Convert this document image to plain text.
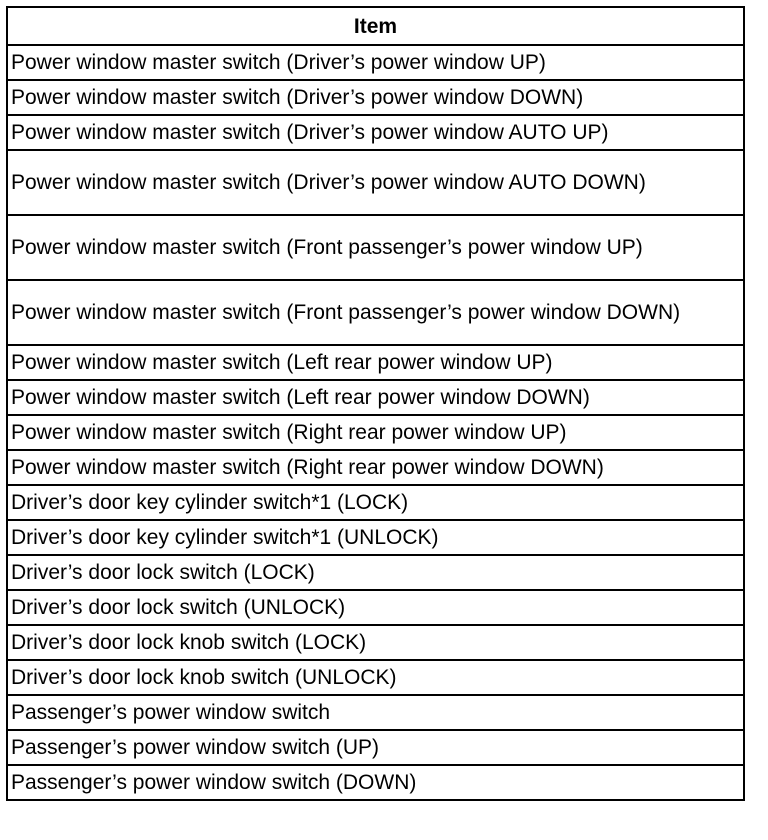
Item
Power window master switch (Driver’s power window UP)
Power window master switch (Driver’s power window DOWN)
Power window master switch (Driver’s power window AUTO UP)
Power window master switch (Driver’s power window AUTO DOWN)
Power window master switch (Front passenger’s power window UP)
Power window master switch (Front passenger’s power window DOWN)
Power window master switch (Left rear power window UP)
Power window master switch (Left rear power window DOWN)
Power window master switch (Right rear power window UP)
Power window master switch (Right rear power window DOWN)
Driver’s door key cylinder switch*1 (LOCK)
Driver’s door key cylinder switch*1 (UNLOCK)
Driver’s door lock switch (LOCK)
Driver’s door lock switch (UNLOCK)
Driver’s door lock knob switch (LOCK)
Driver’s door lock knob switch (UNLOCK)
Passenger’s power window switch
Passenger’s power window switch (UP)
Passenger’s power window switch (DOWN)
